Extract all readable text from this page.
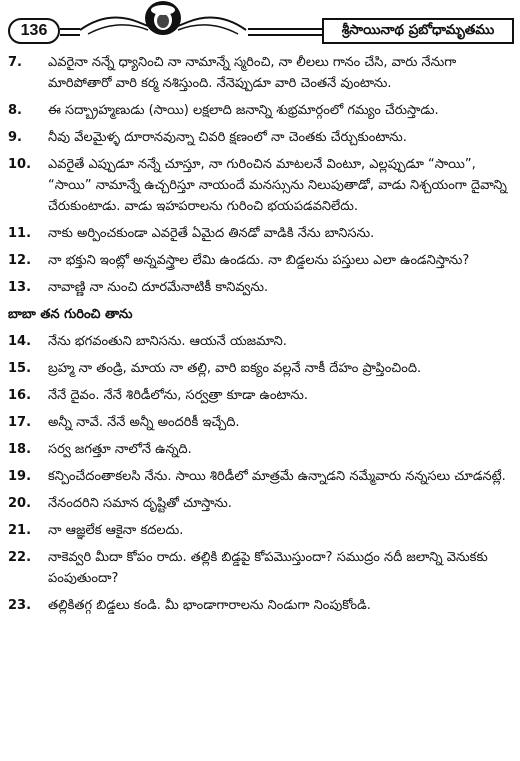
136	శ్రీసాయినాథ ప్రబోధామృతము
7.	ఎవరైనా నన్నే ధ్యానించి నా నామాన్నే స్మరించి, నా లీలలు గానం చేసి, వారు నేనుగా మారిపోతారో వారి కర్మ నశిస్తుంది. నేనెప్పుడూ వారి చెంతనే వుంటాను.
8.	ఈ సద్బ్రాహ్మణుడు (సాయి) లక్షలాది జనాన్ని శుభ్రమార్గంలో గమ్యం చేరుస్తాడు.
9.	నీవు వేలమైళ్ళ దూరానవున్నా చివరి క్షణంలో నా చెంతకు చేర్చుకుంటాను.
10.	ఎవరైతే ఎప్పుడూ నన్నే చూస్తూ, నా గురించిన మాటలనే వింటూ, ఎల్లప్పుడూ “సాయి”, “సాయి” నామాన్నే ఉచ్చరిస్తూ నాయందే మనస్సును నిలుపుతాడో, వాడు నిశ్చయంగా దైవాన్ని చేరుకుంటాడు. వాడు ఇహపరాలను గురించి భయపడవనిలేదు.
11.	నాకు అర్పించకుండా ఎవరైతే ఏమైద తినడో వాడికి నేను బానిసను.
12.	నా భక్తుని ఇంట్లో అన్నవస్త్రాల లేమి ఉండదు. నా బిడ్డలను పస్తులు ఎలా ఉండనిస్తాను?
13.	నావాణ్ణి నా నుంచి దూరమేనాటికీ కానివ్వను.
బాబా తన గురించి తాను
14.	నేను భగవంతుని బానిసను. ఆయనే యజమాని.
15.	బ్రహ్మ నా తండ్రి, మాయ నా తల్లి, వారి ఐక్యం వల్లనే నాకీ దేహం ప్రాప్తించింది.
16.	నేనే దైవం. నేనే శిరిడీలోను, సర్వత్రా కూడా ఉంటాను.
17.	అన్నీ నావే. నేనే అన్నీ అందరికీ ఇచ్చేది.
18.	సర్వ జగత్తూ నాలోనే ఉన్నది.
19.	కన్పించేదంతాకలసి నేను. సాయి శిరిడీలో మాత్రమే ఉన్నాడని నమ్మేవారు నన్నసలు చూడనట్లే.
20.	నేనందరిని సమాన దృష్టితో చూస్తాను.
21.	నా ఆజ్ఞలేక ఆకైనా కదలదు.
22.	నాకెవ్వరి మీదా కోపం రాదు. తల్లికి బిడ్డపై కోపమొస్తుందా? సముద్రం నదీ జలాన్ని వెనుకకు పంపుతుందా?
23.	తల్లికితగ్గ బిడ్డలు కండి. మీ భాండాగారాలను నిండుగా నింపుకోండి.
